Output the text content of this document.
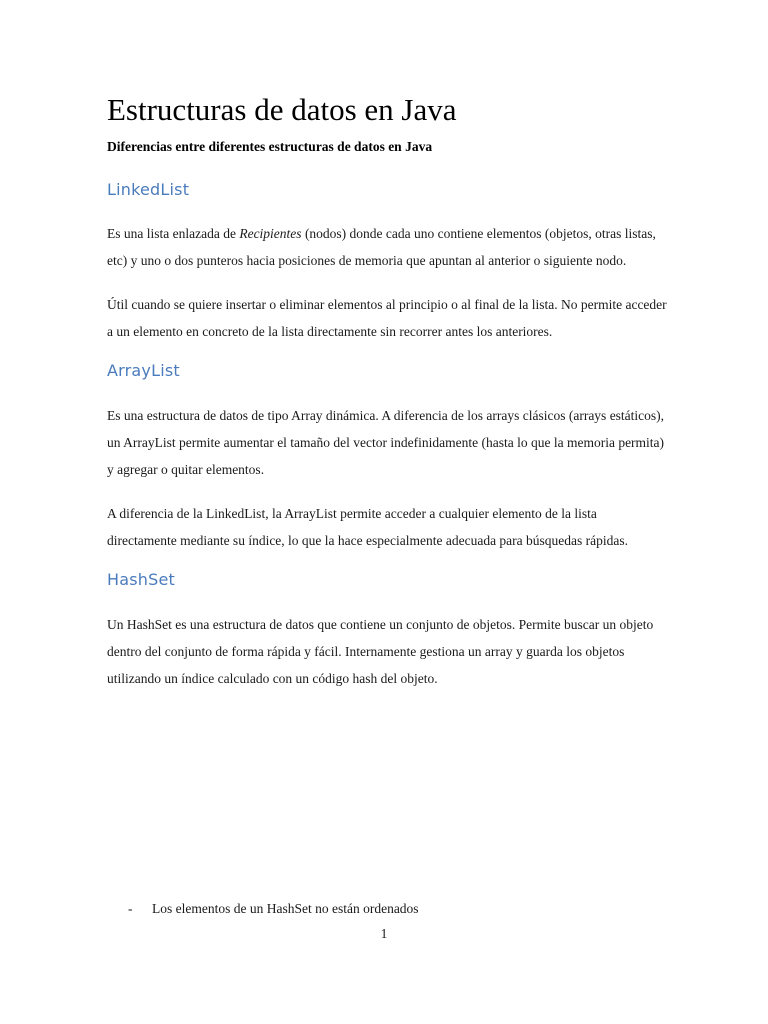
Estructuras de datos en Java

Diferencias entre diferentes estructuras de datos en Java

LinkedList

Es una lista enlazada de Recipientes (nodos) donde cada uno contiene elementos (objetos, otras listas, etc) y uno o dos punteros hacia posiciones de memoria que apuntan al anterior o siguiente nodo.

Útil cuando se quiere insertar o eliminar elementos al principio o al final de la lista. No permite acceder a un elemento en concreto de la lista directamente sin recorrer antes los anteriores.

ArrayList

Es una estructura de datos de tipo Array dinámica. A diferencia de los arrays clásicos (arrays estáticos), un ArrayList permite aumentar el tamaño del vector indefinidamente (hasta lo que la memoria permita) y agregar o quitar elementos.

A diferencia de la LinkedList, la ArrayList permite acceder a cualquier elemento de la lista directamente mediante su índice, lo que la hace especialmente adecuada para búsquedas rápidas.

HashSet

Un HashSet es una estructura de datos que contiene un conjunto de objetos. Permite buscar un objeto dentro del conjunto de forma rápida y fácil. Internamente gestiona un array y guarda los objetos utilizando un índice calculado con un código hash del objeto.

-	Los elementos de un HashSet no están ordenados
1
